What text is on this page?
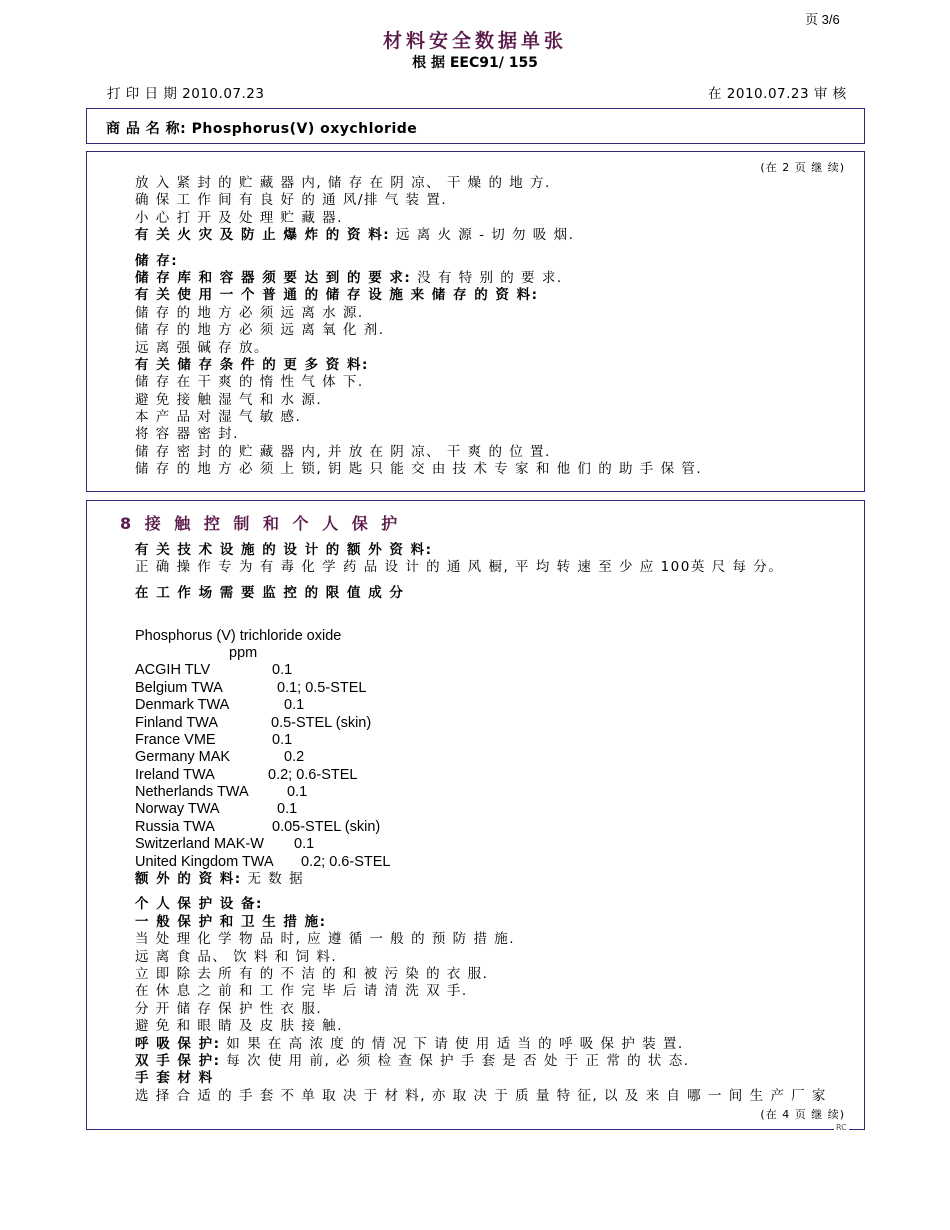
页 3/6
材料安全数据单张
根 据 EEC91/ 155
打 印 日 期 2010.07.23	在 2010.07.23 审 核
商 品 名 称: Phosphorus(V) oxychloride
(在 2 页 继 续)
放 入 紧 封 的 贮 藏 器 内, 储 存 在 阴 凉、 干 燥 的 地 方.
确 保 工 作 间 有 良 好 的 通 风/排 气 装 置.
小 心 打 开 及 处 理 贮 藏 器.
有 关 火 灾 及 防 止 爆 炸 的 资 料: 远 离 火 源 - 切 勿 吸 烟.
储 存:
储 存 库 和 容 器 须 要 达 到 的 要 求: 没 有 特 别 的 要 求.
有 关 使 用 一 个 普 通 的 储 存 设 施 来 储 存 的 资 料:
储 存 的 地 方 必 须 远 离 水 源.
储 存 的 地 方 必 须 远 离 氧 化 剂.
远 离 强 碱 存 放。
有 关 储 存 条 件 的 更 多 资 料:
储 存 在 干 爽 的 惰 性 气 体 下.
避 免 接 触 湿 气 和 水 源.
本 产 品 对 湿 气 敏 感.
将 容 器 密 封.
储 存 密 封 的 贮 藏 器 内, 并 放 在 阴 凉、 干 爽 的 位 置.
储 存 的 地 方 必 须 上 锁, 钥 匙 只 能 交 由 技 术 专 家 和 他 们 的 助 手 保 管.
8 接 触 控 制 和 个 人 保 护
有 关 技 术 设 施 的 设 计 的 额 外 资 料:
正 确 操 作 专 为 有 毒 化 学 药 品 设 计 的 通 风 橱, 平 均 转 速 至 少 应 100英 尺 每 分。
在 工 作 场 需 要 监 控 的 限 值 成 分
Phosphorus (V) trichloride oxide
ppm
ACGIH TLV	0.1
Belgium TWA	0.1; 0.5-STEL
Denmark TWA	0.1
Finland TWA	0.5-STEL (skin)
France VME	0.1
Germany MAK	0.2
Ireland TWA	0.2; 0.6-STEL
Netherlands TWA	0.1
Norway TWA	0.1
Russia TWA	0.05-STEL (skin)
Switzerland MAK-W 0.1
United Kingdom TWA 0.2; 0.6-STEL
额 外 的 资 料: 无 数 据
个 人 保 护 设 备:
一 般 保 护 和 卫 生 措 施:
当 处 理 化 学 物 品 时, 应 遵 循 一 般 的 预 防 措 施.
远 离 食 品、 饮 料 和 饲 料.
立 即 除 去 所 有 的 不 洁 的 和 被 污 染 的 衣 服.
在 休 息 之 前 和 工 作 完 毕 后 请 清 洗 双 手.
分 开 储 存 保 护 性 衣 服.
避 免 和 眼 睛 及 皮 肤 接 触.
呼 吸 保 护: 如 果 在 高 浓 度 的 情 况 下 请 使 用 适 当 的 呼 吸 保 护 装 置.
双 手 保 护: 每 次 使 用 前, 必 须 检 查 保 护 手 套 是 否 处 于 正 常 的 状 态.
手 套 材 料
选 择 合 适 的 手 套 不 单 取 决 于 材 料, 亦 取 决 于 质 量 特 征, 以 及 来 自 哪 一 间 生 产 厂 家
(在 4 页 继 续)
RC
